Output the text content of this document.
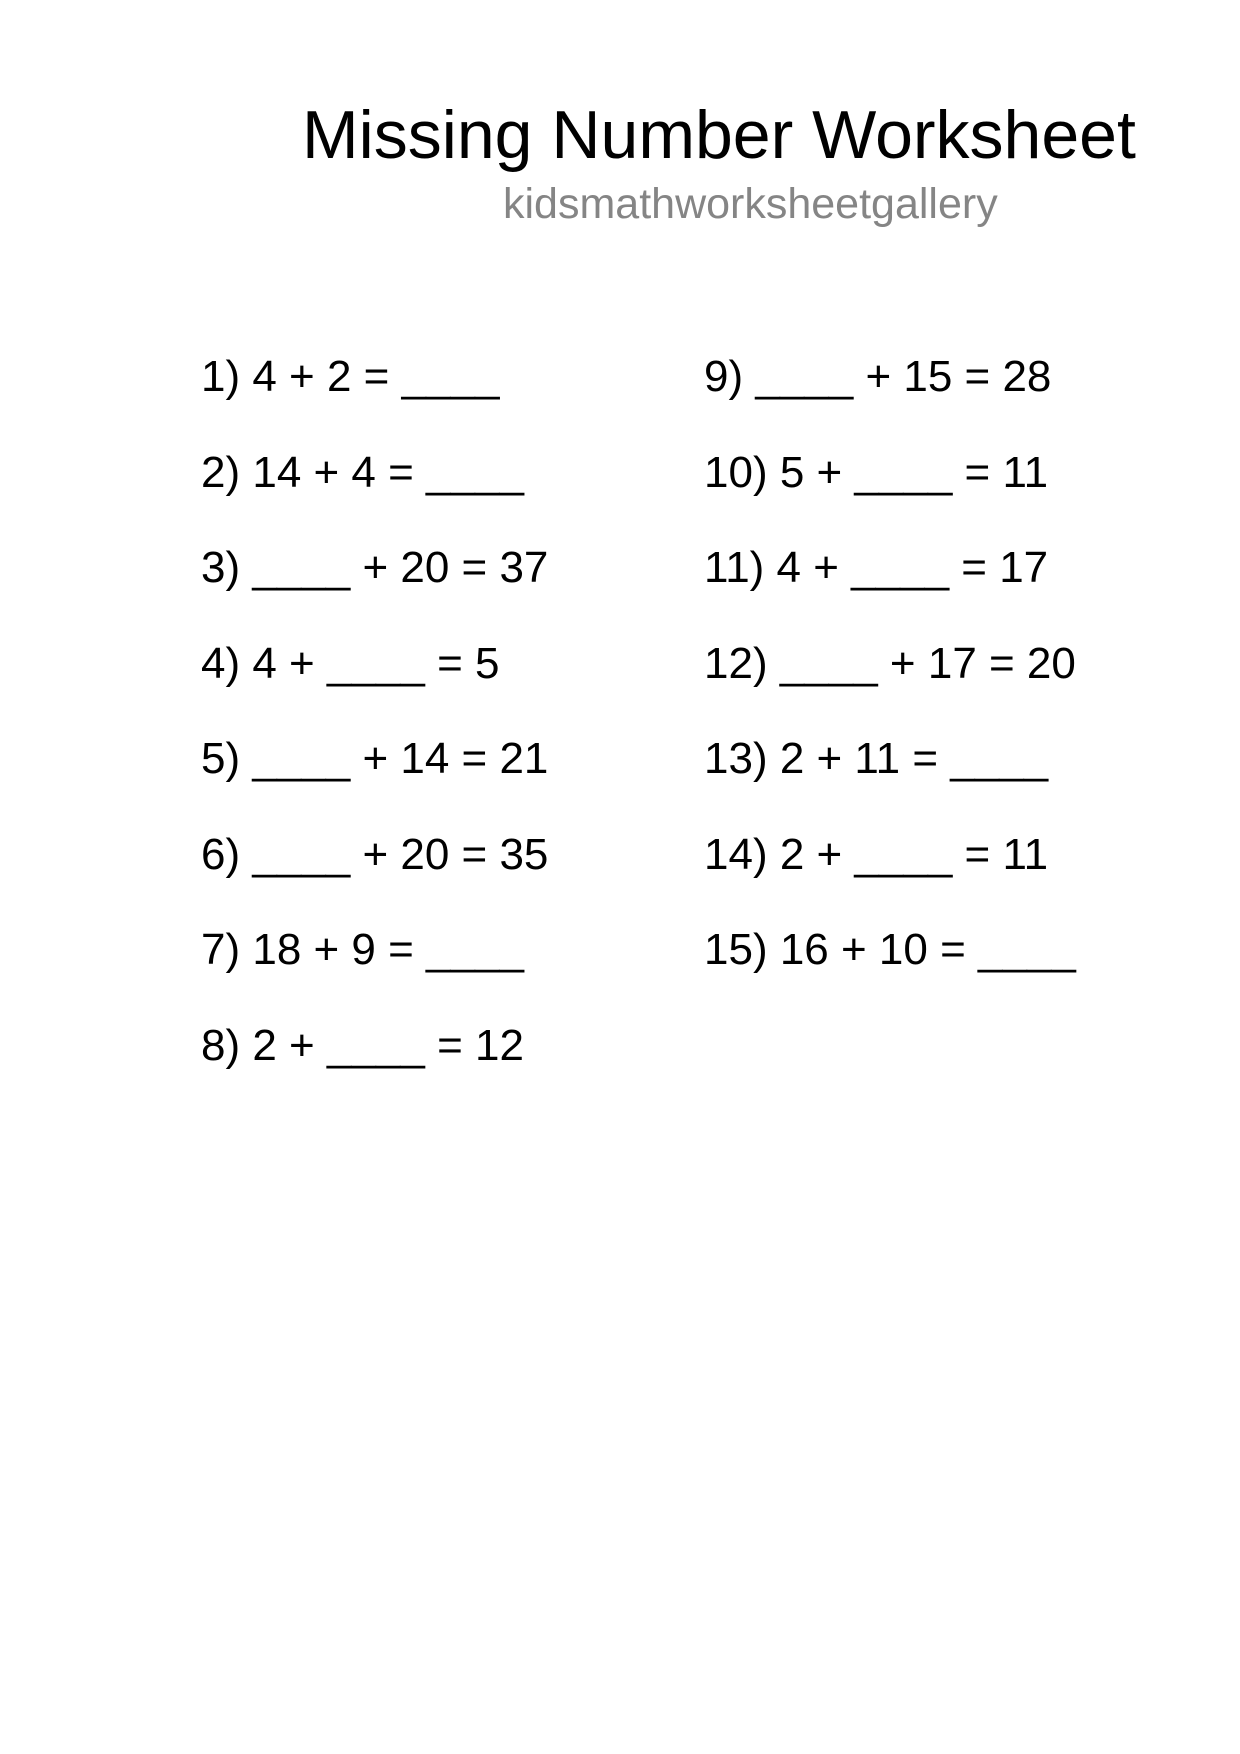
Missing Number Worksheet
kidsmathworksheetgallery
1) 4 + 2 = ____
2) 14 + 4 = ____
3) ____ + 20 = 37
4) 4 + ____ = 5
5) ____ + 14 = 21
6) ____ + 20 = 35
7) 18 + 9 = ____
8) 2 + ____ = 12
9) ____ + 15 = 28
10) 5 + ____ = 11
11) 4 + ____ = 17
12) ____ + 17 = 20
13) 2 + 11 = ____
14) 2 + ____ = 11
15) 16 + 10 = ____
